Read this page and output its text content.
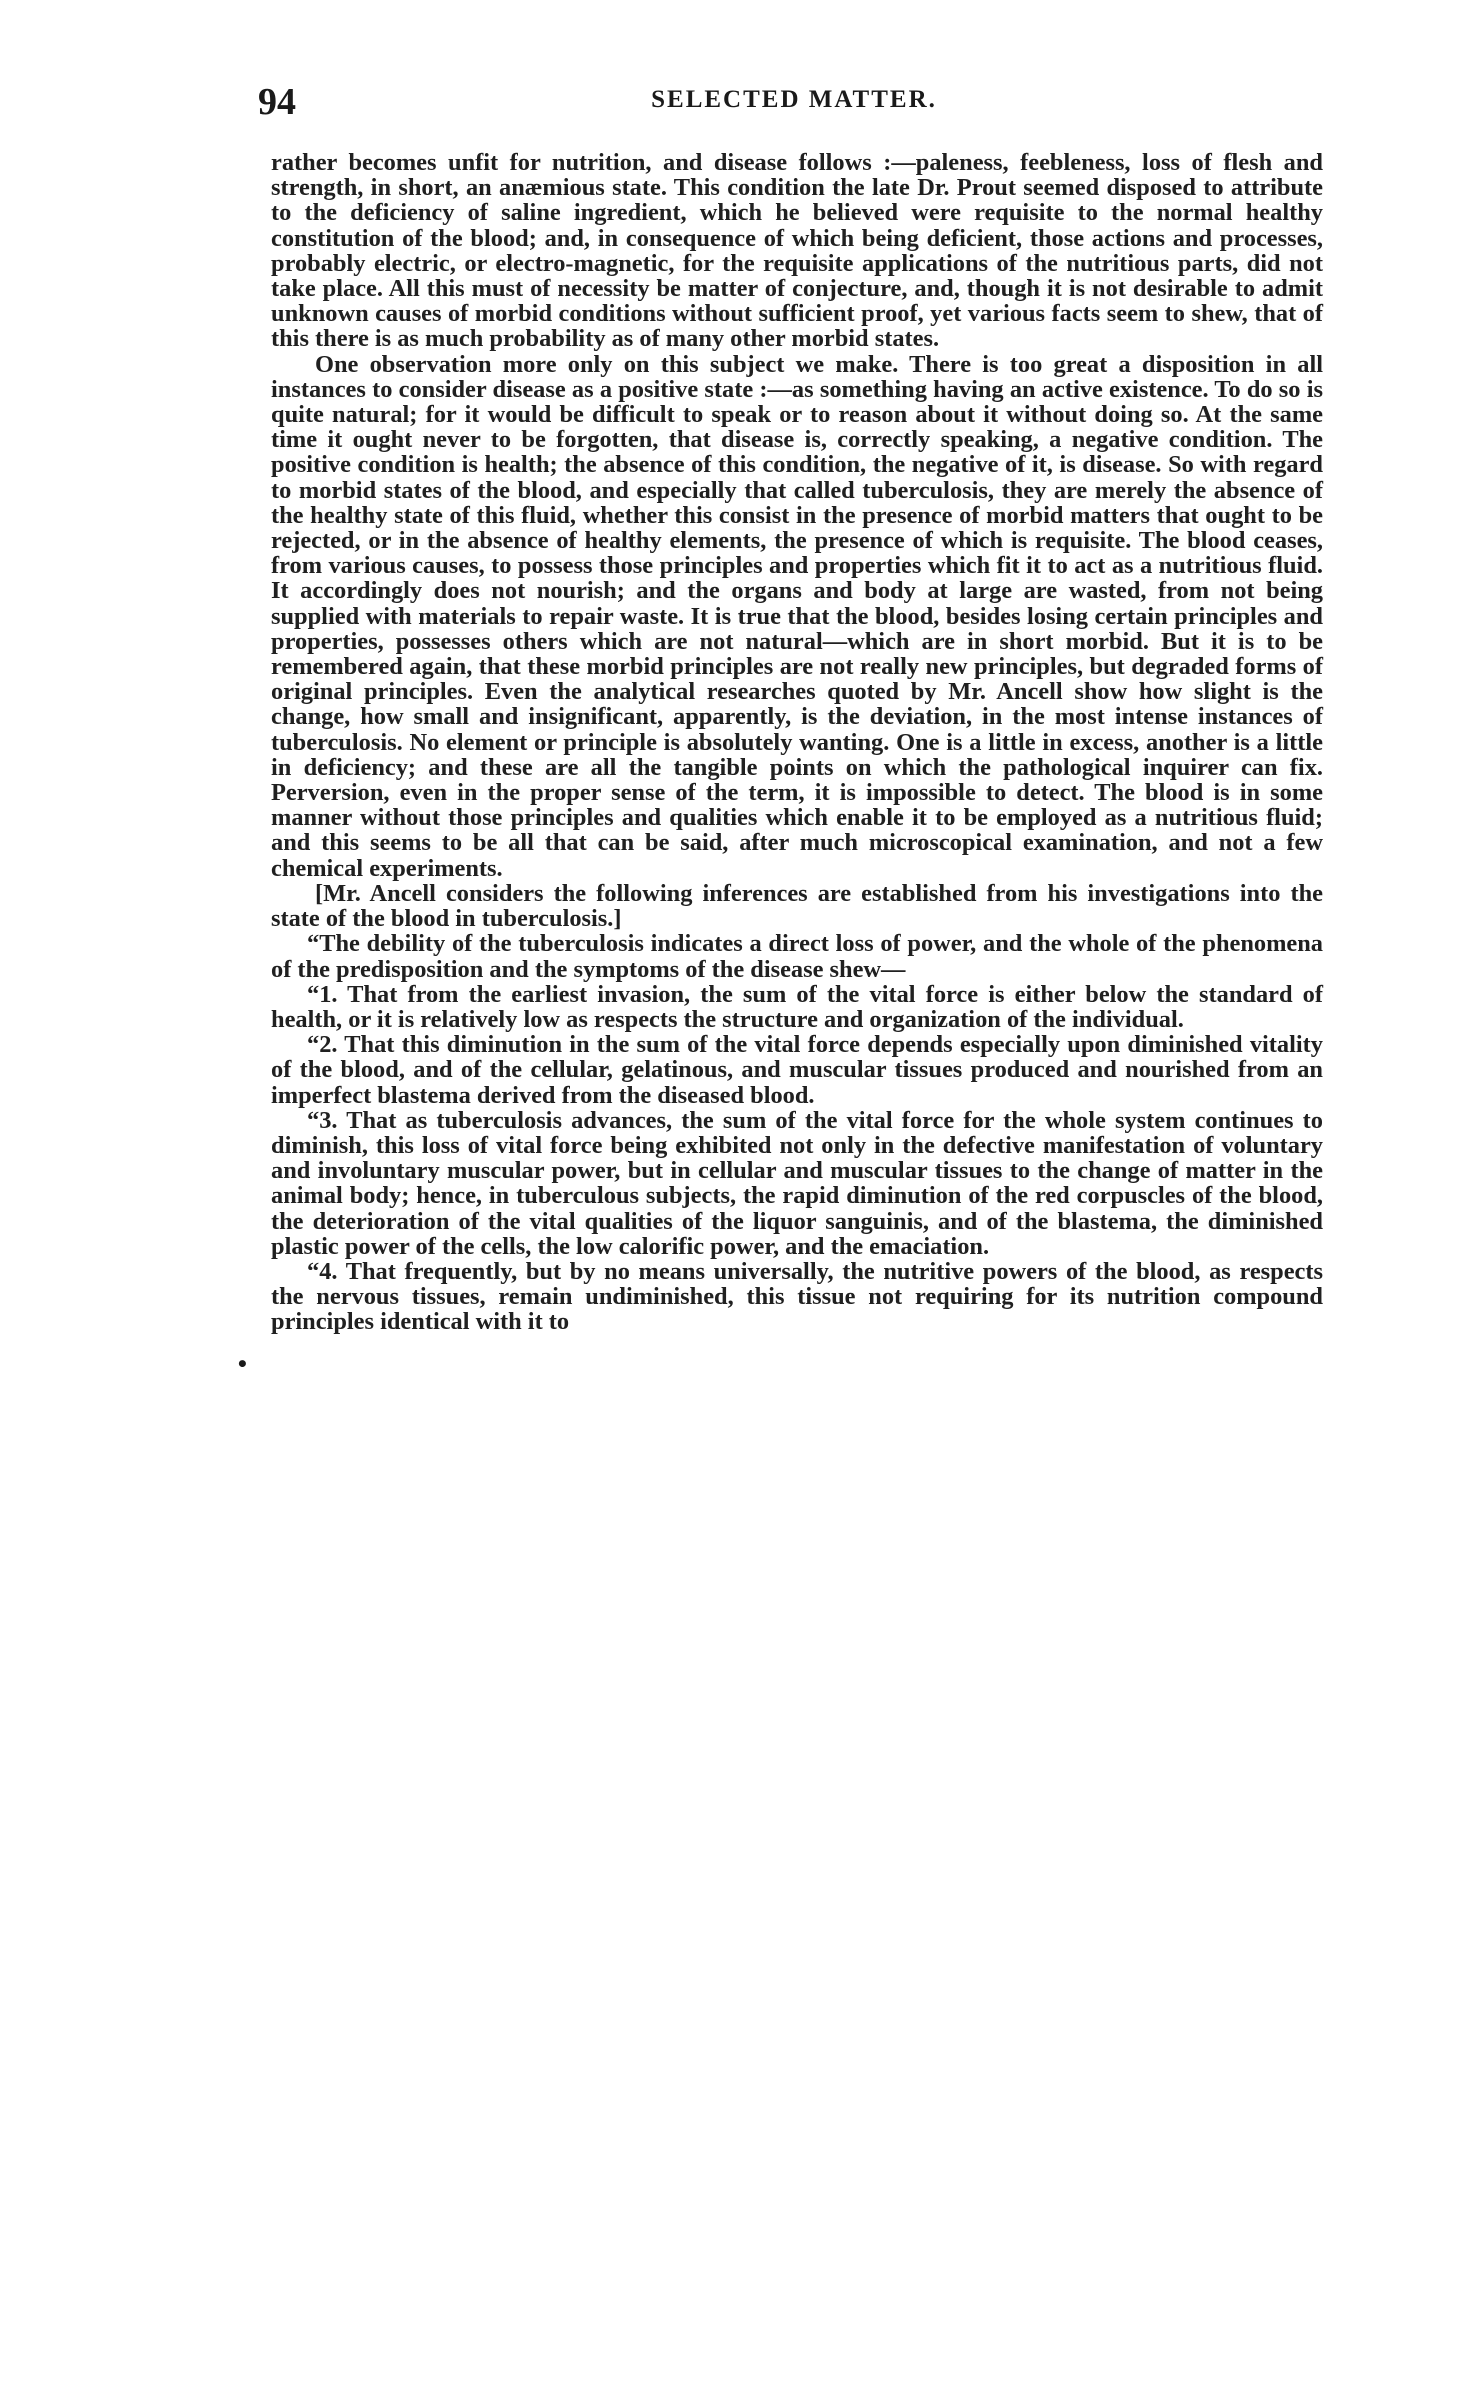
94	SELECTED MATTER.
•

rather becomes unfit for nutrition, and disease follows :—paleness, feebleness, loss of flesh and strength, in short, an anæmious state. This condition the late Dr. Prout seemed disposed to attribute to the deficiency of saline ingredient, which he believed were requisite to the normal healthy constitution of the blood; and, in consequence of which being deficient, those actions and processes, probably electric, or electro-magnetic, for the requisite applications of the nutritious parts, did not take place. All this must of necessity be matter of conjecture, and, though it is not desirable to admit unknown causes of morbid conditions without sufficient proof, yet various facts seem to shew, that of this there is as much probability as of many other morbid states.

One observation more only on this subject we make. There is too great a disposition in all instances to consider disease as a positive state :—as something having an active existence. To do so is quite natural; for it would be difficult to speak or to reason about it without doing so. At the same time it ought never to be forgotten, that disease is, correctly speaking, a negative condition. The positive condition is health; the absence of this condition, the negative of it, is disease. So with regard to morbid states of the blood, and especially that called tuberculosis, they are merely the absence of the healthy state of this fluid, whether this consist in the presence of morbid matters that ought to be rejected, or in the absence of healthy elements, the presence of which is requisite. The blood ceases, from various causes, to possess those principles and properties which fit it to act as a nutritious fluid. It accordingly does not nourish; and the organs and body at large are wasted, from not being supplied with materials to repair waste. It is true that the blood, besides losing certain principles and properties, possesses others which are not natural—which are in short morbid. But it is to be remembered again, that these morbid principles are not really new principles, but degraded forms of original principles. Even the analytical researches quoted by Mr. Ancell show how slight is the change, how small and insignificant, apparently, is the deviation, in the most intense instances of tuberculosis. No element or principle is absolutely wanting. One is a little in excess, another is a little in deficiency; and these are all the tangible points on which the pathological inquirer can fix. Perversion, even in the proper sense of the term, it is impossible to detect. The blood is in some manner without those principles and qualities which enable it to be employed as a nutritious fluid; and this seems to be all that can be said, after much microscopical examination, and not a few chemical experiments.

[Mr. Ancell considers the following inferences are established from his investigations into the state of the blood in tuberculosis.]

“The debility of the tuberculosis indicates a direct loss of power, and the whole of the phenomena of the predisposition and the symptoms of the disease shew—

“1. That from the earliest invasion, the sum of the vital force is either below the standard of health, or it is relatively low as respects the structure and organization of the individual.

“2. That this diminution in the sum of the vital force depends especially upon diminished vitality of the blood, and of the cellular, gelatinous, and muscular tissues produced and nourished from an imperfect blastema derived from the diseased blood.

“3. That as tuberculosis advances, the sum of the vital force for the whole system continues to diminish, this loss of vital force being exhibited not only in the defective manifestation of voluntary and involuntary muscular power, but in cellular and muscular tissues to the change of matter in the animal body; hence, in tuberculous subjects, the rapid diminution of the red corpuscles of the blood, the deterioration of the vital qualities of the liquor sanguinis, and of the blastema, the diminished plastic power of the cells, the low calorific power, and the emaciation.

“4. That frequently, but by no means universally, the nutritive powers of the blood, as respects the nervous tissues, remain undiminished, this tissue not requiring for its nutrition compound principles identical with it to
